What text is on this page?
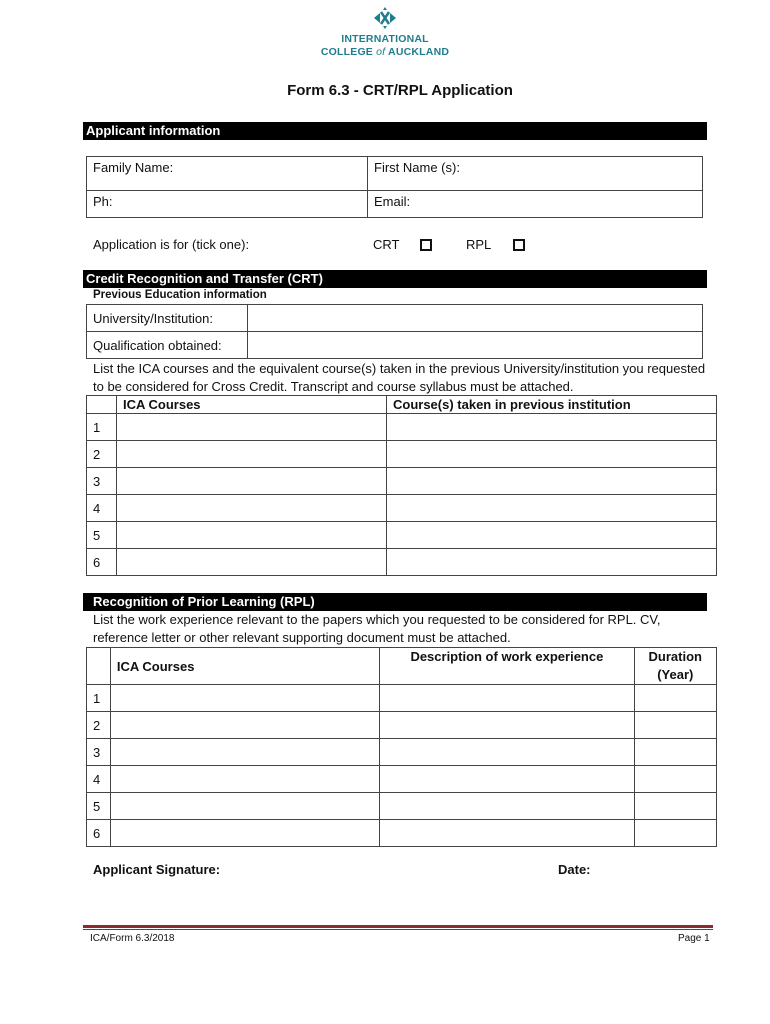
INTERNATIONAL
COLLEGE of AUCKLAND
Form 6.3 - CRT/RPL Application
Applicant information
Family Name:	First Name (s):
Ph:	Email:
Application is for (tick one):	CRT	RPL
Credit Recognition and Transfer (CRT)
Previous Education information
University/Institution:	
Qualification obtained:	
List the ICA courses and the equivalent course(s) taken in the previous University/institution you requested to be considered for Cross Credit. Transcript and course syllabus must be attached.
	ICA Courses	Course(s) taken in previous institution
1		
2		
3		
4		
5		
6		
Recognition of Prior Learning (RPL)
List the work experience relevant to the papers which you requested to be considered for RPL. CV, reference letter or other relevant supporting document must be attached.
	ICA Courses	Description of work experience	Duration (Year)
1			
2			
3			
4			
5			
6			
Applicant Signature:	Date:
ICA/Form 6.3/2018	Page 1
